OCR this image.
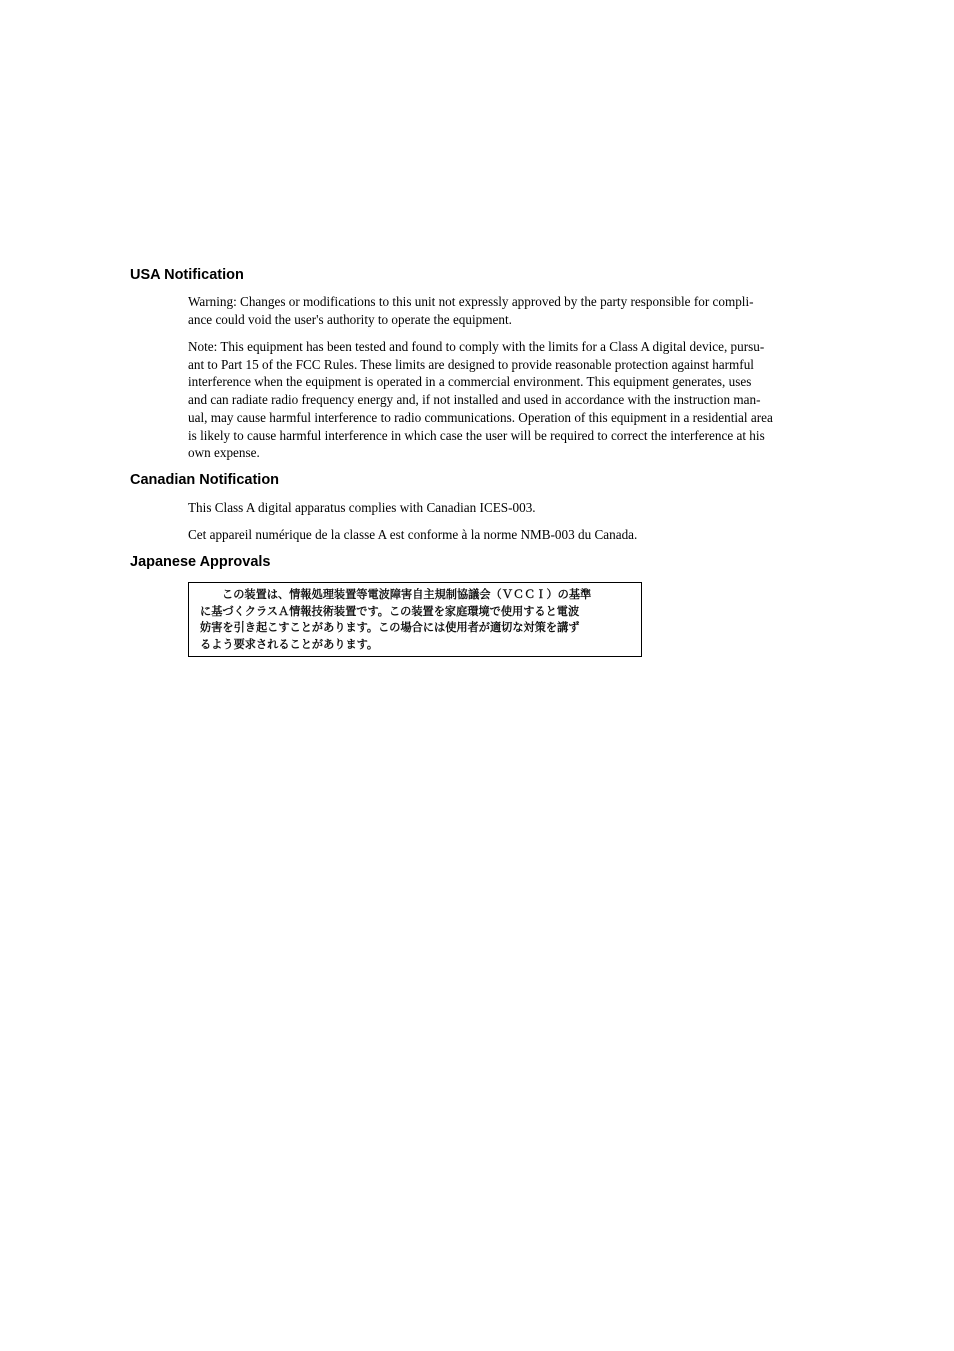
USA Notification

Warning: Changes or modifications to this unit not expressly approved by the party responsible for compli-
ance could void the user's authority to operate the equipment.

Note: This equipment has been tested and found to comply with the limits for a Class A digital device, pursu-
ant to Part 15 of the FCC Rules. These limits are designed to provide reasonable protection against harmful
interference when the equipment is operated in a commercial environment. This equipment generates, uses
and can radiate radio frequency energy and, if not installed and used in accordance with the instruction man-
ual, may cause harmful interference to radio communications. Operation of this equipment in a residential area
is likely to cause harmful interference in which case the user will be required to correct the interference at his
own expense.

Canadian Notification

This Class A digital apparatus complies with Canadian ICES-003.

Cet appareil numérique de la classe A est conforme à la norme NMB-003 du Canada.

Japanese Approvals
この装置は、情報処理装置等電波障害自主規制協議会（ＶＣＣＩ）の基準
に基づくクラスＡ情報技術装置です。この装置を家庭環境で使用すると電波
妨害を引き起こすことがあります。この場合には使用者が適切な対策を講ず
るよう要求されることがあります。
